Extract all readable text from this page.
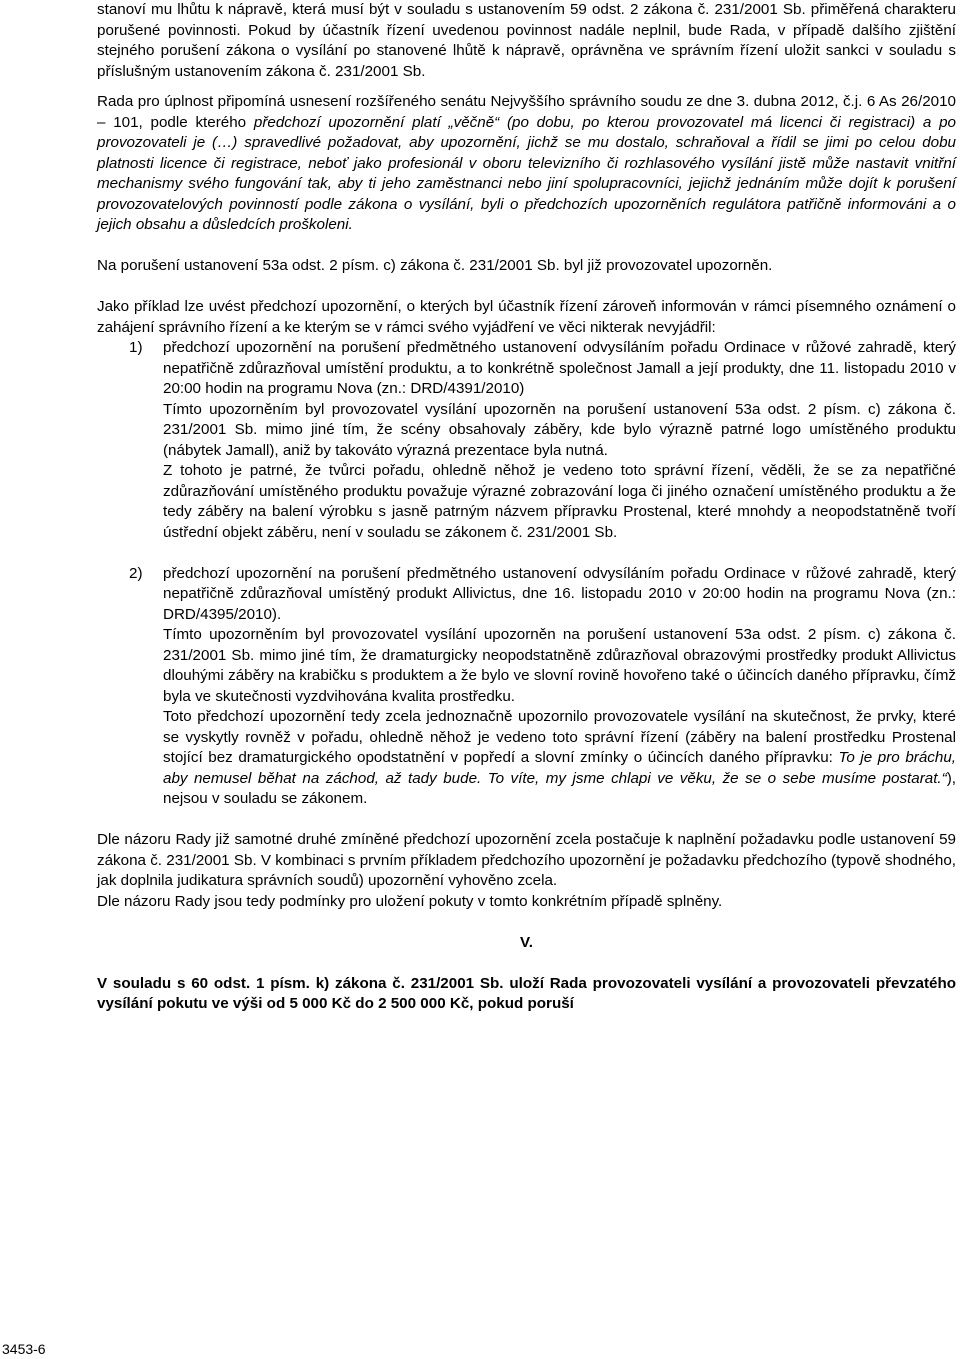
stanoví mu lhůtu k nápravě, která musí být v souladu s ustanovením 59 odst. 2 zákona č. 231/2001 Sb. přiměřená charakteru porušené povinnosti. Pokud by účastník řízení uvedenou povinnost nadále neplnil, bude Rada, v případě dalšího zjištění stejného porušení zákona o vysílání po stanovené lhůtě k nápravě, oprávněna ve správním řízení uložit sankci v souladu s příslušným ustanovením zákona č. 231/2001 Sb.

Rada pro úplnost připomíná usnesení rozšířeného senátu Nejvyššího správního soudu ze dne 3. dubna 2012, č.j. 6 As 26/2010 – 101, podle kterého předchozí upozornění platí „věčně“ (po dobu, po kterou provozovatel má licenci či registraci) a po provozovateli je (…) spravedlivé požadovat, aby upozornění, jichž se mu dostalo, schraňoval a řídil se jimi po celou dobu platnosti licence či registrace, neboť jako profesionál v oboru televizního či rozhlasového vysílání jistě může nastavit vnitřní mechanismy svého fungování tak, aby ti jeho zaměstnanci nebo jiní spolupracovníci, jejichž jednáním může dojít k porušení provozovatelových povinností podle zákona o vysílání, byli o předchozích upozorněních regulátora patřičně informováni a o jejich obsahu a důsledcích proškoleni.

Na porušení ustanovení 53a odst. 2 písm. c) zákona č. 231/2001 Sb. byl již provozovatel upozorněn.

Jako příklad lze uvést předchozí upozornění, o kterých byl účastník řízení zároveň informován v rámci písemného oznámení o zahájení správního řízení a ke kterým se v rámci svého vyjádření ve věci nikterak nevyjádřil:

1) předchozí upozornění na porušení předmětného ustanovení odvysíláním pořadu Ordinace v růžové zahradě, který nepatřičně zdůrazňoval umístění produktu, a to konkrétně společnost Jamall a její produkty, dne 11. listopadu 2010 v 20:00 hodin na programu Nova (zn.: DRD/4391/2010)

Tímto upozorněním byl provozovatel vysílání upozorněn na porušení ustanovení 53a odst. 2 písm. c) zákona č. 231/2001 Sb. mimo jiné tím, že scény obsahovaly záběry, kde bylo výrazně patrné logo umístěného produktu (nábytek Jamall), aniž by takováto výrazná prezentace byla nutná.

Z tohoto je patrné, že tvůrci pořadu, ohledně něhož je vedeno toto správní řízení, věděli, že se za nepatřičné zdůrazňování umístěného produktu považuje výrazné zobrazování loga či jiného označení umístěného produktu a že tedy záběry na balení výrobku s jasně patrným názvem přípravku Prostenal, které mnohdy a neopodstatněně tvoří ústřední objekt záběru, není v souladu se zákonem č. 231/2001 Sb.

2) předchozí upozornění na porušení předmětného ustanovení odvysíláním pořadu Ordinace v růžové zahradě, který nepatřičně zdůrazňoval umístěný produkt Allivictus, dne 16. listopadu 2010 v 20:00 hodin na programu Nova (zn.: DRD/4395/2010).

Tímto upozorněním byl provozovatel vysílání upozorněn na porušení ustanovení 53a odst. 2 písm. c) zákona č. 231/2001 Sb. mimo jiné tím, že dramaturgicky neopodstatněně zdůrazňoval obrazovými prostředky produkt Allivictus dlouhými záběry na krabičku s produktem a že bylo ve slovní rovině hovořeno také o účincích daného přípravku, čímž byla ve skutečnosti vyzdvihována kvalita prostředku.

Toto předchozí upozornění tedy zcela jednoznačně upozornilo provozovatele vysílání na skutečnost, že prvky, které se vyskytly rovněž v pořadu, ohledně něhož je vedeno toto správní řízení (záběry na balení prostředku Prostenal stojící bez dramaturgického opodstatnění v popředí a slovní zmínky o účincích daného přípravku: To je pro bráchu, aby nemusel běhat na záchod, až tady bude. To víte, my jsme chlapi ve věku, že se o sebe musíme postarat.“), nejsou v souladu se zákonem.

Dle názoru Rady již samotné druhé zmíněné předchozí upozornění zcela postačuje k naplnění požadavku podle ustanovení 59 zákona č. 231/2001 Sb. V kombinaci s prvním příkladem předchozího upozornění je požadavku předchozího (typově shodného, jak doplnila judikatura správních soudů) upozornění vyhověno zcela.

Dle názoru Rady jsou tedy podmínky pro uložení pokuty v tomto konkrétním případě splněny.

V.

V souladu s 60 odst. 1 písm. k) zákona č. 231/2001 Sb. uloží Rada provozovateli vysílání a provozovateli převzatého vysílání pokutu ve výši od 5 000 Kč do 2 500 000 Kč, pokud poruší

3453-6
